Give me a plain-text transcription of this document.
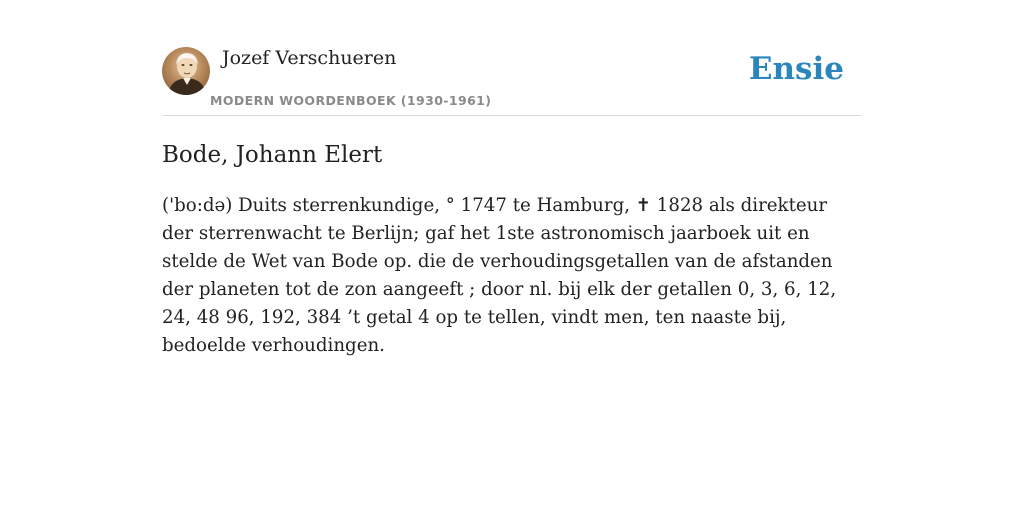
Jozef Verschueren
MODERN WOORDENBOEK (1930-1961)
Ensie
Bode, Johann Elert

('bo:də) Duits sterrenkundige, ° 1747 te Hamburg, ✝ 1828 als direkteur der sterrenwacht te Berlijn; gaf het 1ste astronomisch jaarboek uit en stelde de Wet van Bode op. die de verhoudingsgetallen van de afstanden der planeten tot de zon aangeeft ; door nl. bij elk der getallen 0, 3, 6, 12, 24, 48 96, 192, 384 ’t getal 4 op te tellen, vindt men, ten naaste bij, bedoelde verhoudingen.
